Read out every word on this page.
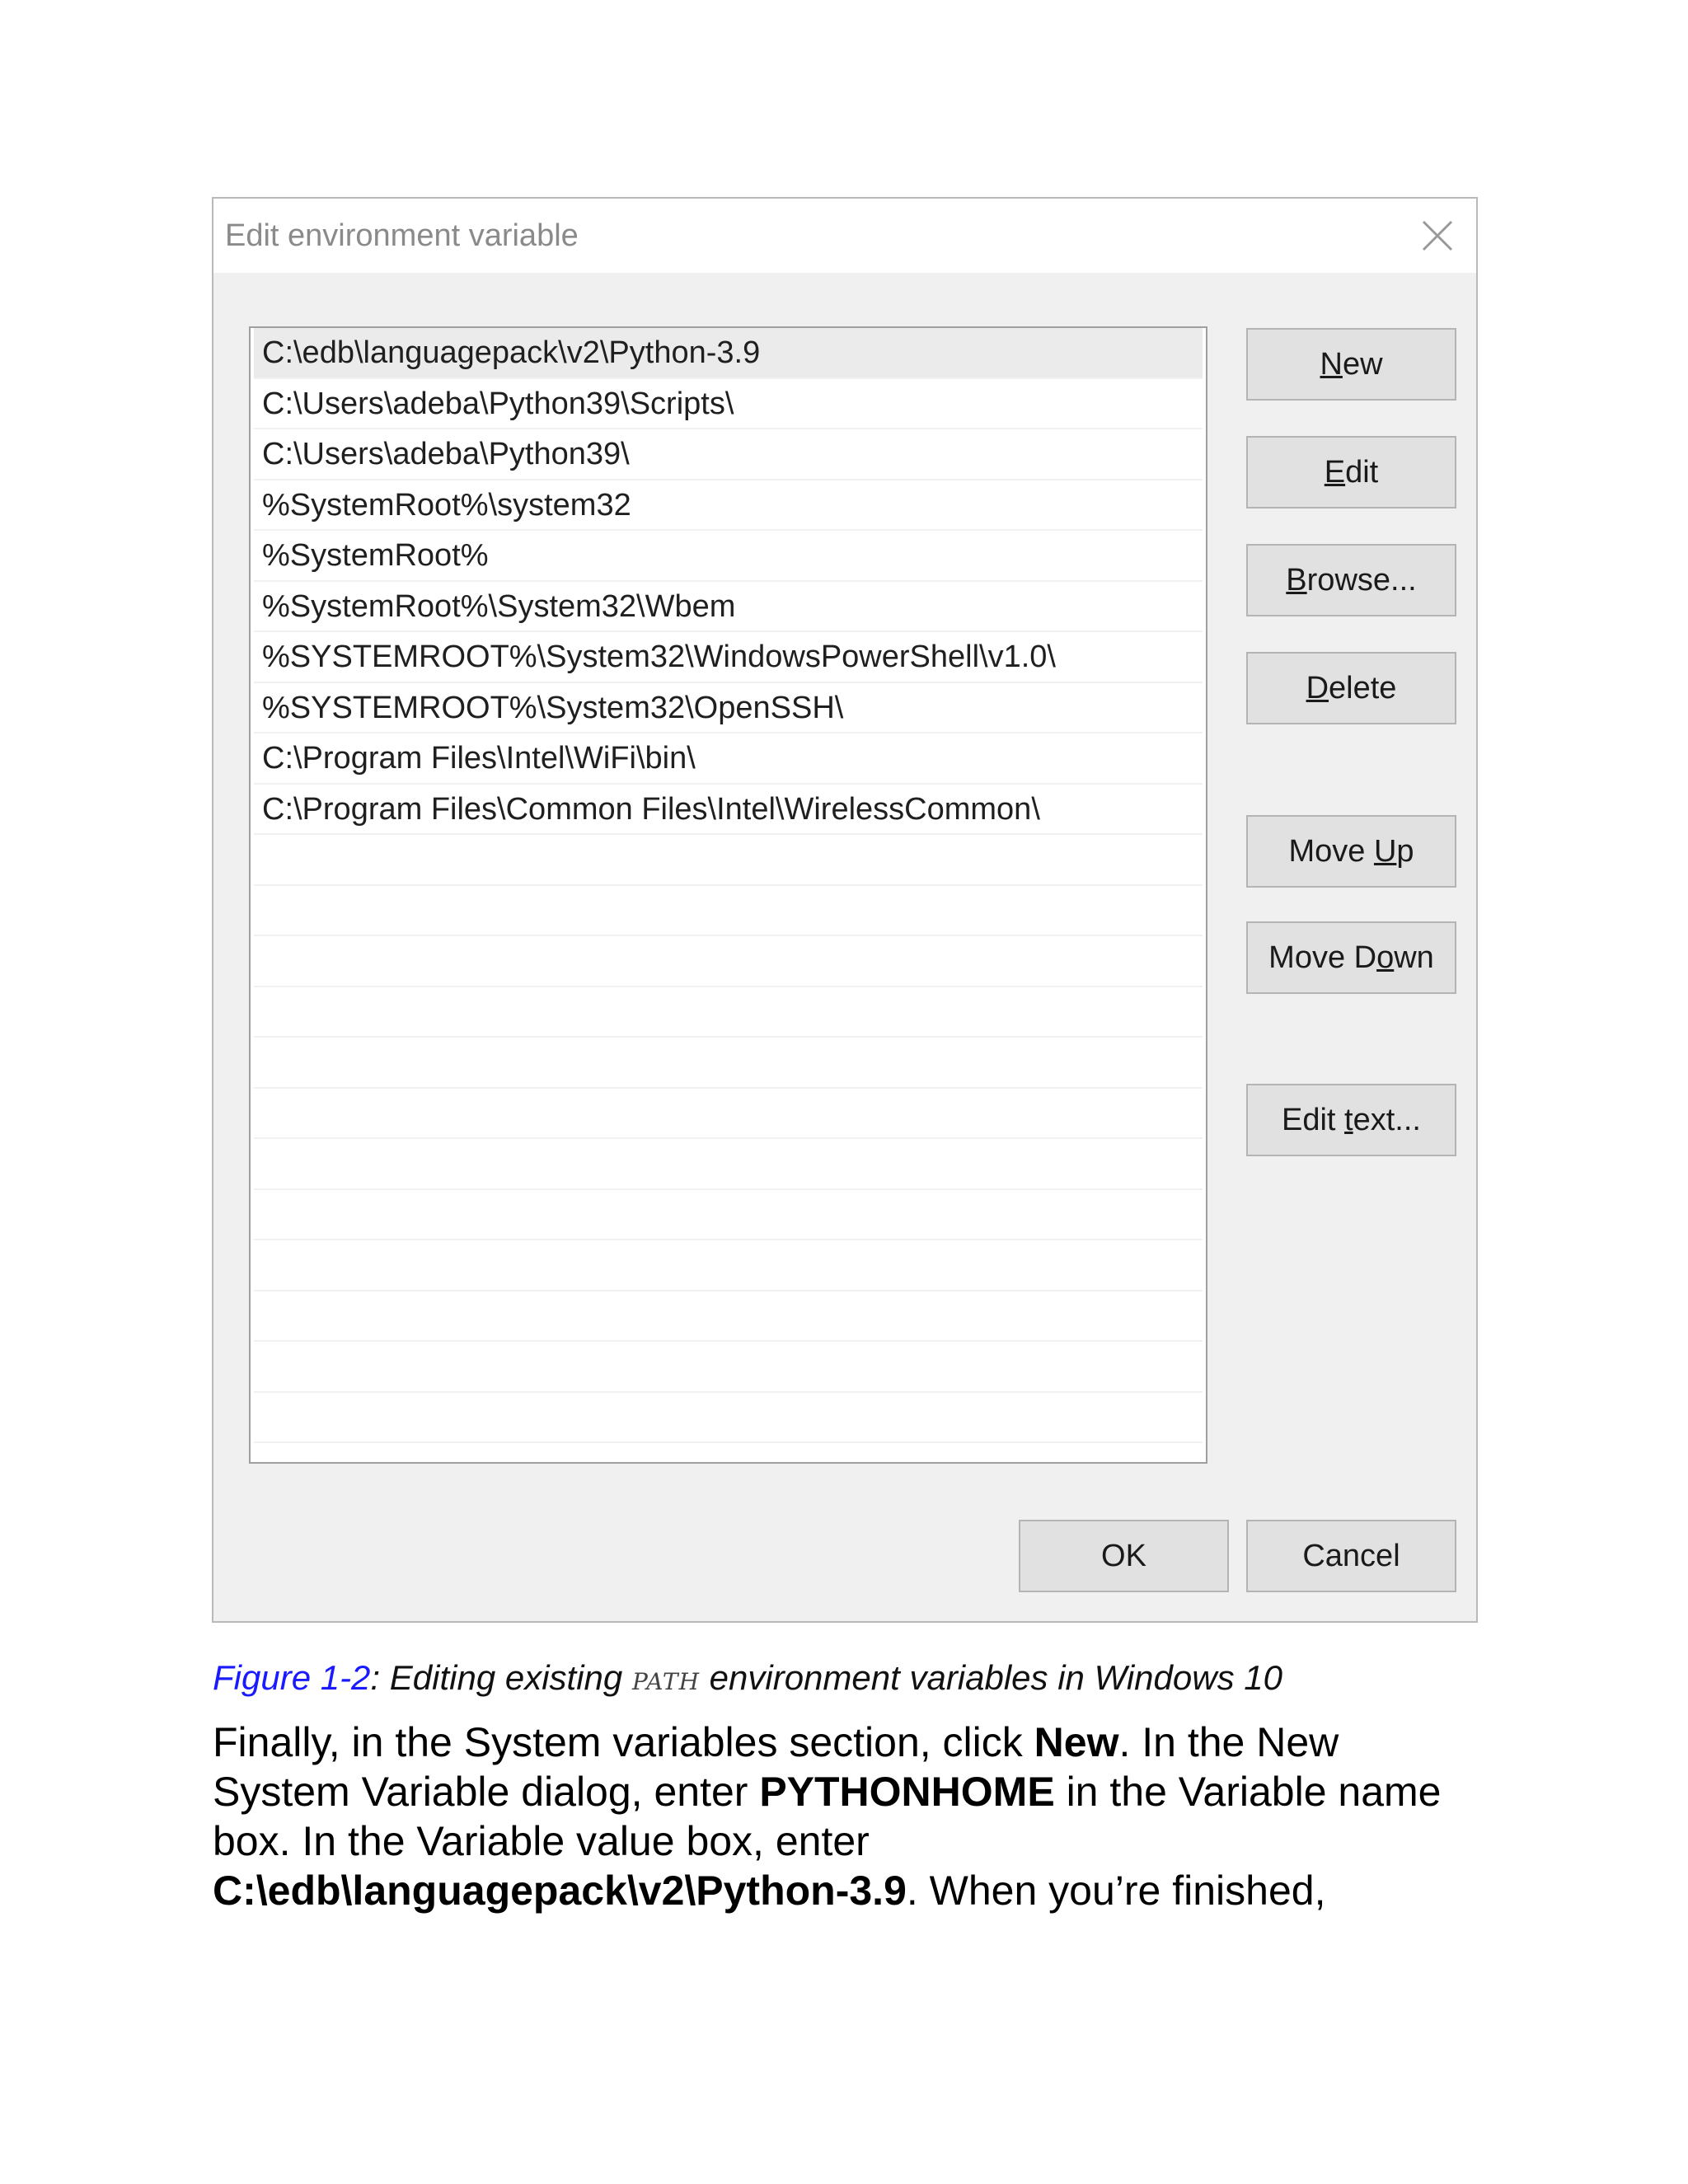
Edit environment variable
C:\edb\languagepack\v2\Python-3.9
C:\Users\adeba\Python39\Scripts\
C:\Users\adeba\Python39\
%SystemRoot%\system32
%SystemRoot%
%SystemRoot%\System32\Wbem
%SYSTEMROOT%\System32\WindowsPowerShell\v1.0\
%SYSTEMROOT%\System32\OpenSSH\
C:\Program Files\Intel\WiFi\bin\
C:\Program Files\Common Files\Intel\WirelessCommon\
N ew
E dit
B rowse...
D elete
Move U p
Move D o wn
Edit t ext...
OK	Cancel
Figure 1-2: Editing existing PATH environment variables in Windows 10
Finally, in the System variables section, click New. In the New
System Variable dialog, enter PYTHONHOME in the Variable name
box. In the Variable value box, enter
C:\edb\languagepack\v2\Python-3.9. When you’re finished,
